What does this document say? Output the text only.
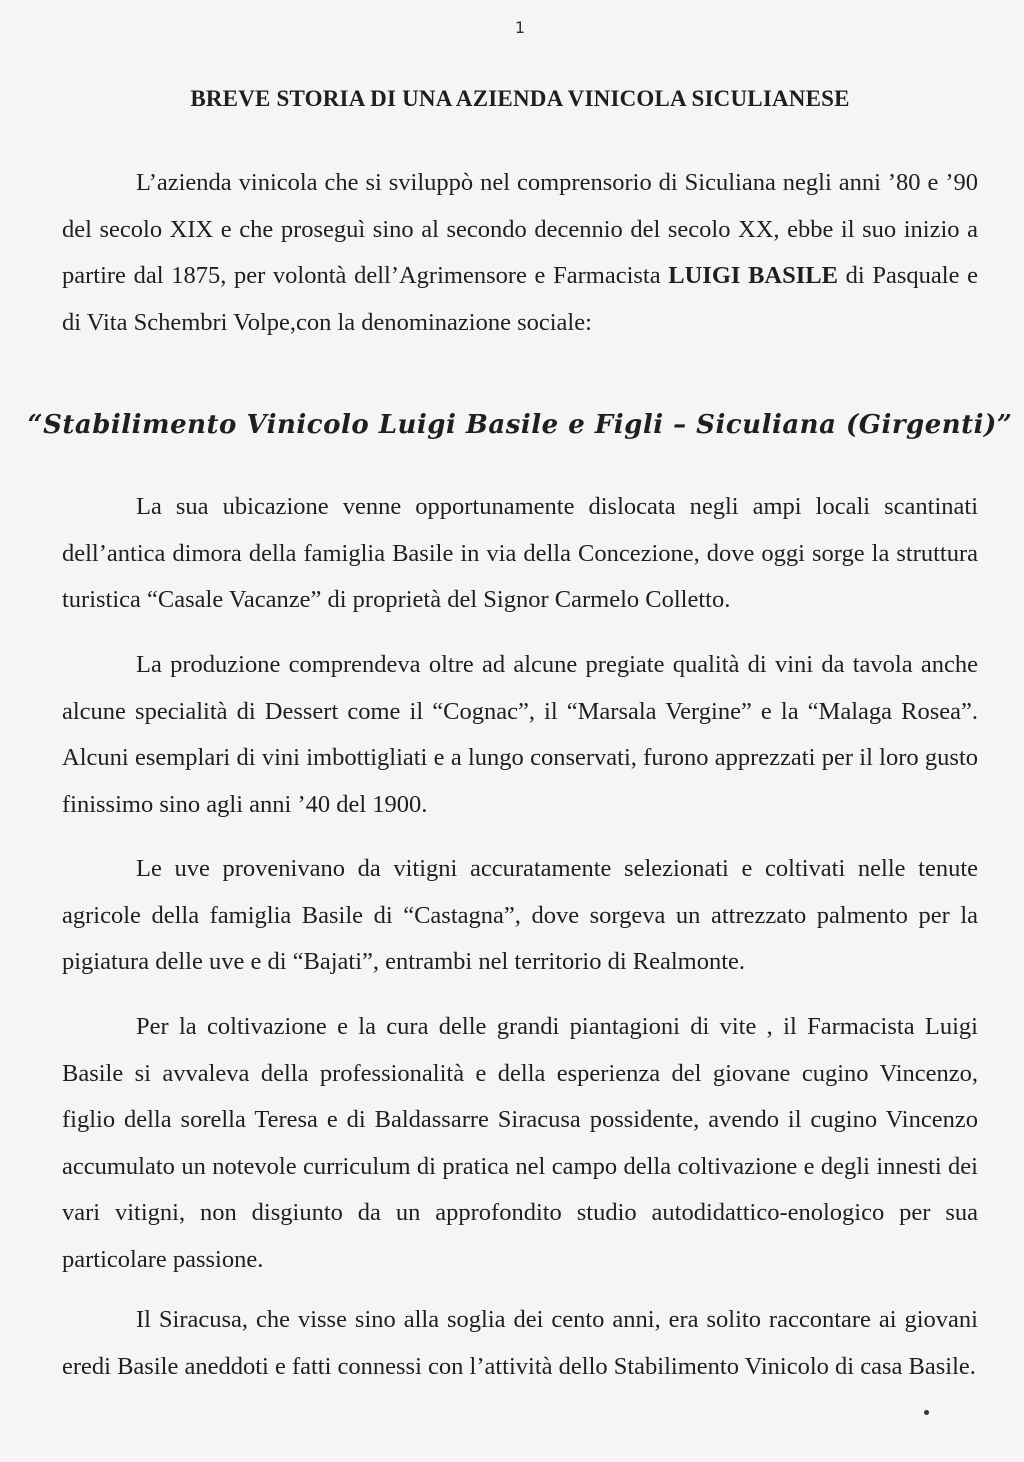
1
BREVE STORIA DI UNA AZIENDA VINICOLA SICULIANESE

L’azienda vinicola che si sviluppò nel comprensorio di Siculiana negli anni ’80 e ’90 del secolo XIX e che proseguì sino al secondo decennio del secolo XX, ebbe il suo inizio a partire dal 1875, per volontà dell’Agrimensore e Farmacista LUIGI BASILE di Pasquale e di Vita Schembri Volpe,con la denominazione sociale:

“Stabilimento Vinicolo Luigi Basile e Figli – Siculiana (Girgenti)”

La sua ubicazione venne opportunamente dislocata negli ampi locali scantinati dell’antica dimora della famiglia Basile in via della Concezione, dove oggi sorge la struttura turistica “Casale Vacanze” di proprietà del Signor Carmelo Colletto.

La produzione comprendeva oltre ad alcune pregiate qualità di vini da tavola anche alcune specialità di Dessert come il “Cognac”, il “Marsala Vergine” e la “Malaga Rosea”. Alcuni esemplari di vini imbottigliati e a lungo conservati, furono apprezzati per il loro gusto finissimo sino agli anni ’40 del 1900.

Le uve provenivano da vitigni accuratamente selezionati e coltivati nelle tenute agricole della famiglia Basile di “Castagna”, dove sorgeva un attrezzato palmento per la pigiatura delle uve e di “Bajati”, entrambi nel territorio di Realmonte.

Per la coltivazione e la cura delle grandi piantagioni di vite , il Farmacista Luigi Basile si avvaleva della professionalità e della esperienza del giovane cugino Vincenzo, figlio della sorella Teresa e di Baldassarre Siracusa possidente, avendo il cugino Vincenzo accumulato un notevole curriculum di pratica nel campo della coltivazione e degli innesti dei vari vitigni, non disgiunto da un approfondito studio autodidattico-enologico per sua particolare passione.

Il Siracusa, che visse sino alla soglia dei cento anni, era solito raccontare ai giovani eredi Basile aneddoti e fatti connessi con l’attività dello Stabilimento Vinicolo di casa Basile.
